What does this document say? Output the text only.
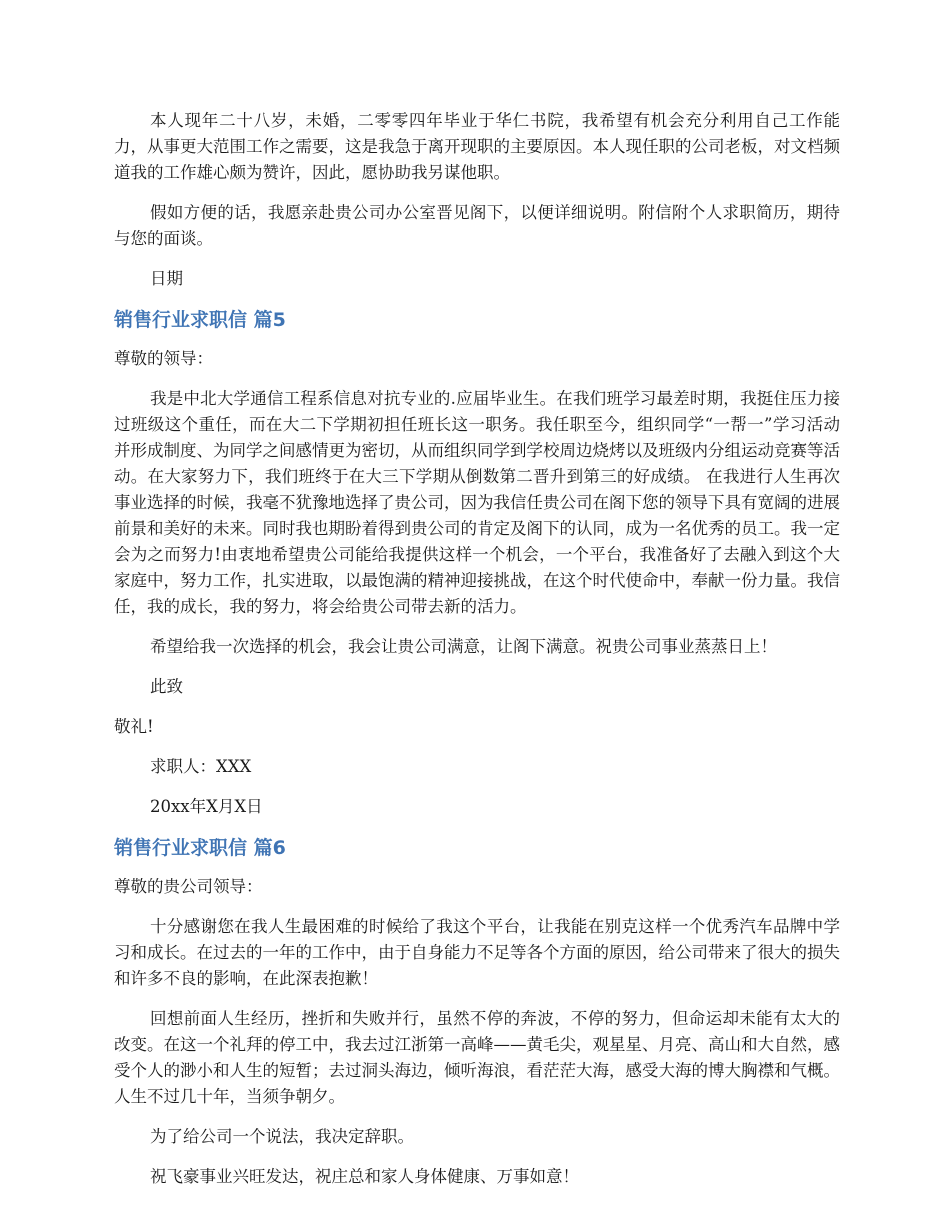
本人现年二十八岁，未婚，二零零四年毕业于华仁书院，我希望有机会充分利用自己工作能力，从事更大范围工作之需要，这是我急于离开现职的主要原因。本人现任职的公司老板，对文档频道我的工作雄心颇为赞许，因此，愿协助我另谋他职。

假如方便的话，我愿亲赴贵公司办公室晋见阁下，以便详细说明。附信附个人求职简历，期待与您的面谈。

日期

销售行业求职信 篇5

尊敬的领导：

我是中北大学通信工程系信息对抗专业的.应届毕业生。在我们班学习最差时期，我挺住压力接过班级这个重任，而在大二下学期初担任班长这一职务。我任职至今，组织同学“一帮一”学习活动并形成制度、为同学之间感情更为密切，从而组织同学到学校周边烧烤以及班级内分组运动竞赛等活动。在大家努力下，我们班终于在大三下学期从倒数第二晋升到第三的好成绩。 在我进行人生再次事业选择的时候，我毫不犹豫地选择了贵公司，因为我信任贵公司在阁下您的领导下具有宽阔的进展前景和美好的未来。同时我也期盼着得到贵公司的肯定及阁下的认同，成为一名优秀的员工。我一定会为之而努力!由衷地希望贵公司能给我提供这样一个机会，一个平台，我准备好了去融入到这个大家庭中，努力工作，扎实进取，以最饱满的精神迎接挑战，在这个时代使命中，奉献一份力量。我信任，我的成长，我的努力，将会给贵公司带去新的活力。

希望给我一次选择的机会，我会让贵公司满意，让阁下满意。祝贵公司事业蒸蒸日上！

此致

敬礼!

求职人：XXX

20xx年X月X日

销售行业求职信 篇6

尊敬的贵公司领导：

十分感谢您在我人生最困难的时候给了我这个平台，让我能在别克这样一个优秀汽车品牌中学习和成长。在过去的一年的工作中，由于自身能力不足等各个方面的原因，给公司带来了很大的损失和许多不良的影响，在此深表抱歉！

回想前面人生经历，挫折和失败并行，虽然不停的奔波，不停的努力，但命运却未能有太大的改变。在这一个礼拜的停工中，我去过江浙第一高峰——黄毛尖，观星星、月亮、高山和大自然，感受个人的渺小和人生的短暂；去过洞头海边，倾听海浪，看茫茫大海，感受大海的博大胸襟和气概。人生不过几十年，当须争朝夕。

为了给公司一个说法，我决定辞职。

祝飞豪事业兴旺发达，祝庄总和家人身体健康、万事如意！
